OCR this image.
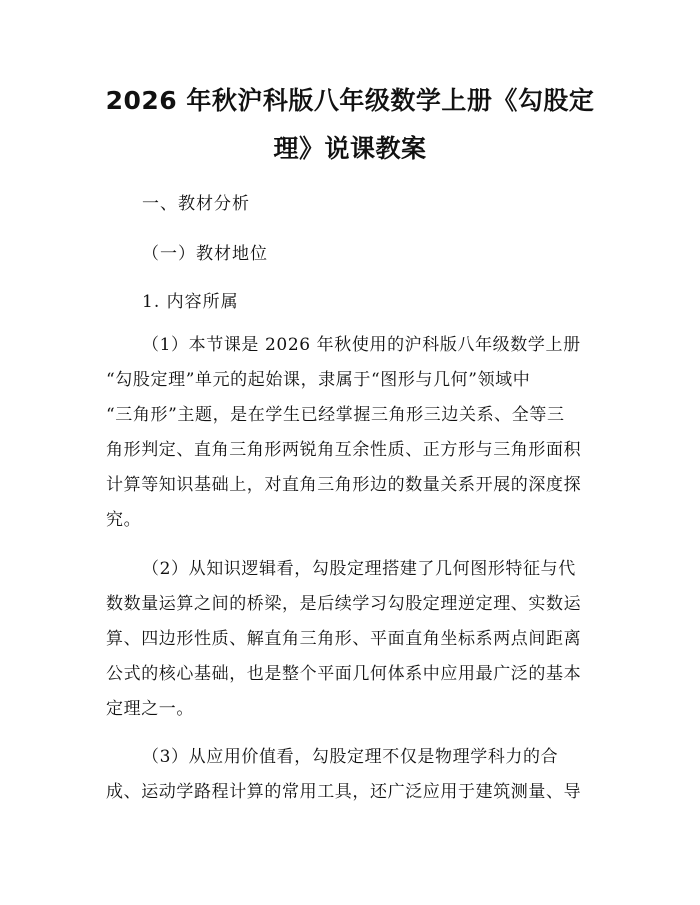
2026 年秋沪科版八年级数学上册《勾股定
理》说课教案
一、教材分析
（一）教材地位
1. 内容所属
（1）本节课是 2026 年秋使用的沪科版八年级数学上册
“勾股定理”单元的起始课，隶属于“图形与几何”领域中
“三角形”主题，是在学生已经掌握三角形三边关系、全等三
角形判定、直角三角形两锐角互余性质、正方形与三角形面积
计算等知识基础上，对直角三角形边的数量关系开展的深度探
究。
（2）从知识逻辑看，勾股定理搭建了几何图形特征与代
数数量运算之间的桥梁，是后续学习勾股定理逆定理、实数运
算、四边形性质、解直角三角形、平面直角坐标系两点间距离
公式的核心基础，也是整个平面几何体系中应用最广泛的基本
定理之一。
（3）从应用价值看，勾股定理不仅是物理学科力的合
成、运动学路程计算的常用工具，还广泛应用于建筑测量、导
